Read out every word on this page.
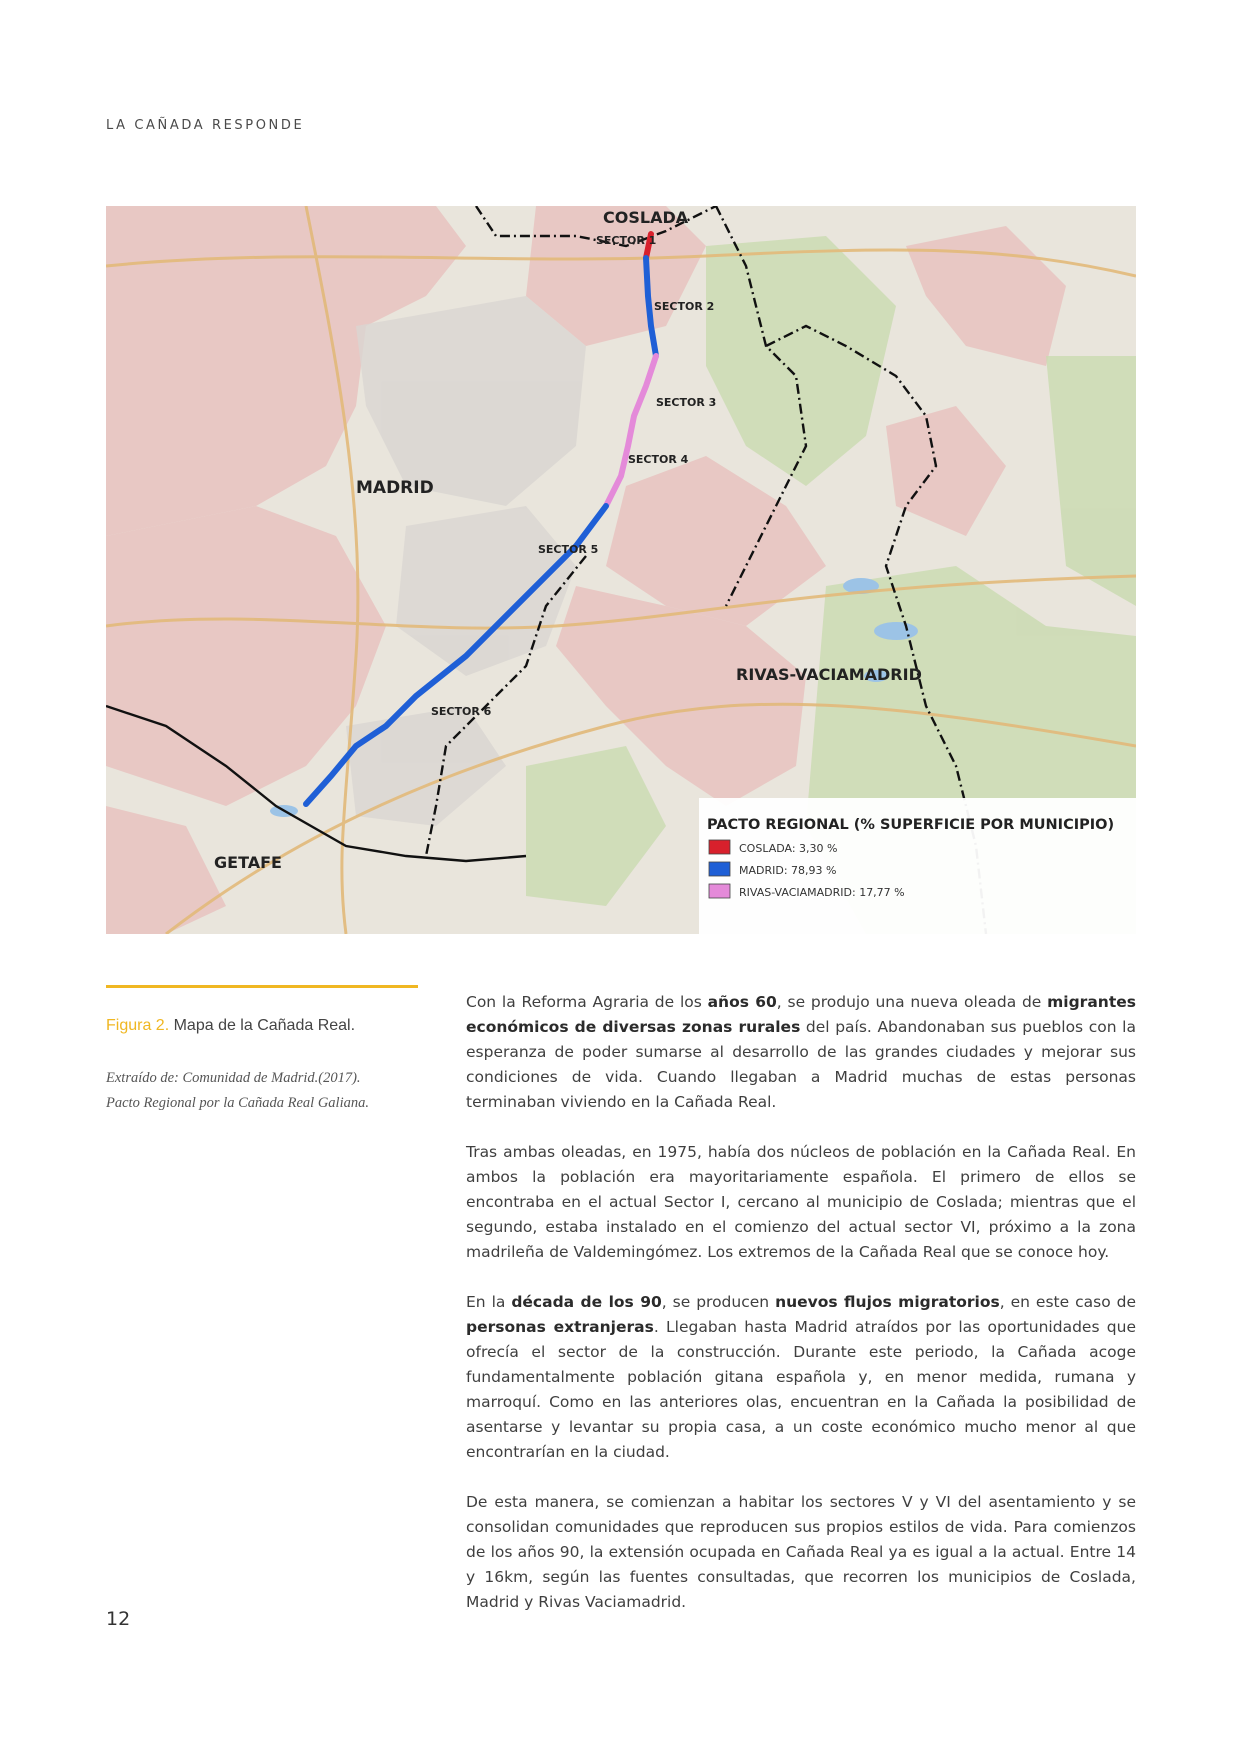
LA CAÑADA RESPONDE
COSLADA
MADRID
RIVAS-VACIAMADRID
GETAFE
SECTOR 1
SECTOR 2
SECTOR 3
SECTOR 4
SECTOR 5
SECTOR 6
PACTO REGIONAL (% SUPERFICIE POR MUNICIPIO)
COSLADA: 3,30 %
MADRID: 78,93 %
RIVAS-VACIAMADRID: 17,77 %
Figura 2. Mapa de la Cañada Real.
Extraído de: Comunidad de Madrid.(2017).
Pacto Regional por la Cañada Real Galiana.

Con la Reforma Agraria de los años 60, se produjo una nueva oleada de migrantes económicos de diversas zonas rurales del país. Abandonaban sus pueblos con la esperanza de poder sumarse al desarrollo de las grandes ciudades y mejorar sus condiciones de vida. Cuando llegaban a Madrid muchas de estas personas terminaban viviendo en la Cañada Real.

Tras ambas oleadas, en 1975, había dos núcleos de población en la Cañada Real. En ambos la población era mayoritariamente española. El primero de ellos se encontraba en el actual Sector I, cercano al municipio de Coslada; mientras que el segundo, estaba instalado en el comienzo del actual sector VI, próximo a la zona madrileña de Valdemingómez. Los extremos de la Cañada Real que se conoce hoy.

En la década de los 90, se producen nuevos flujos migratorios, en este caso de personas extranjeras. Llegaban hasta Madrid atraídos por las oportunidades que ofrecía el sector de la construcción. Durante este periodo, la Cañada acoge fundamentalmente población gitana española y, en menor medida, rumana y marroquí. Como en las anteriores olas, encuentran en la Cañada la posibilidad de asentarse y levantar su propia casa, a un coste económico mucho menor al que encontrarían en la ciudad.

De esta manera, se comienzan a habitar los sectores V y VI del asentamiento y se consolidan comunidades que reproducen sus propios estilos de vida. Para comienzos de los años 90, la extensión ocupada en Cañada Real ya es igual a la actual. Entre 14 y 16km, según las fuentes consultadas, que recorren los municipios de Coslada, Madrid y Rivas Vaciamadrid.

12
